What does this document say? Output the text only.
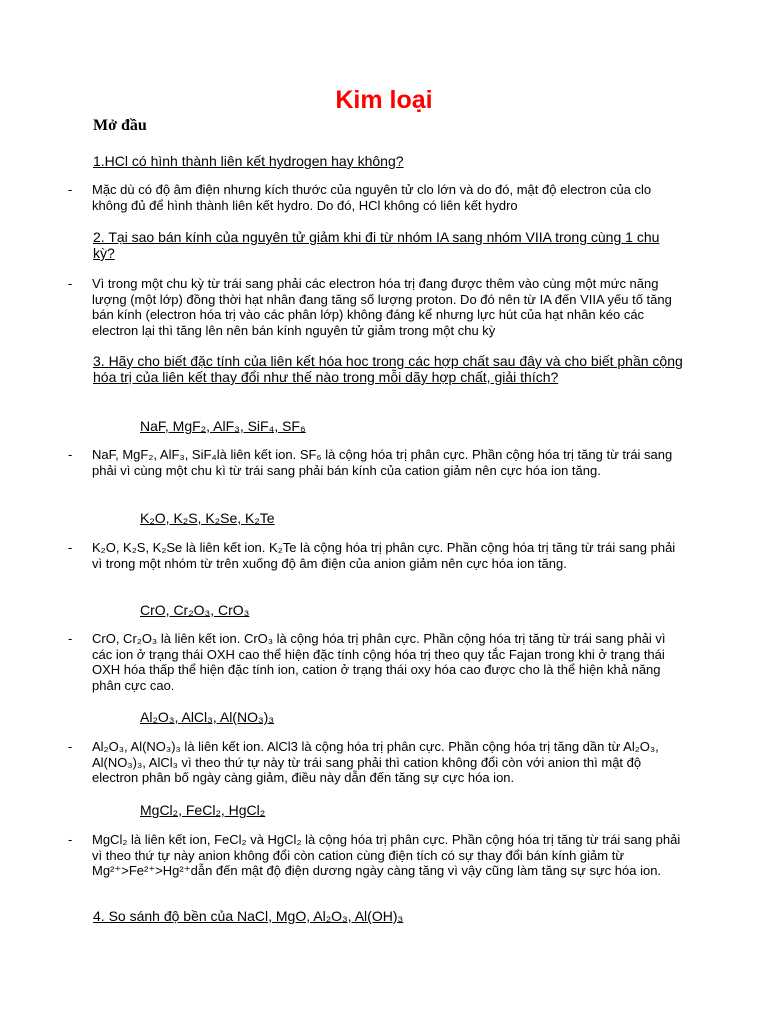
Kim loại
Mở đầu
1.HCl có hình thành liên kết hydrogen hay không?
- Mặc dù có độ âm điện nhưng kích thước của nguyên tử clo lớn và do đó, mật độ electron của clo không đủ để hình thành liên kết hydro. Do đó, HCl không có liên kết hydro
2. Tại sao bán kính của nguyên tử giảm khi đi từ nhóm IA sang nhóm VIIA trong cùng 1 chu kỳ?
- Vì trong một chu kỳ từ trái sang phải các electron hóa trị đang được thêm vào cùng một mức năng lượng (một lớp) đồng thời hạt nhân đang tăng số lượng proton. Do đó nên từ IA đến VIIA yếu tố tăng bán kính (electron hóa trị vào các phân lớp) không đáng kể nhưng lực hút của hạt nhân kéo các electron lại thì tăng lên nên bán kính nguyên tử giảm trong một chu kỳ
3. Hãy cho biết đặc tính của liên kết hóa hoc trong các hợp chất sau đây và cho biết phần cộng hóa trị của liên kết thay đổi như thế nào trong mỗi dãy hợp chất, giải thích?
NaF, MgF₂, AlF₃, SiF₄, SF₆
- NaF, MgF₂, AlF₃, SiF₄là liên kết ion. SF₆ là cộng hóa trị phân cực. Phần cộng hóa trị tăng từ trái sang phải vì cùng một chu kì từ trái sang phải bán kính của cation giảm nên cực hóa ion tăng.
K₂O, K₂S, K₂Se, K₂Te
- K₂O, K₂S, K₂Se là liên kết ion. K₂Te là cộng hóa trị phân cực. Phần cộng hóa trị tăng từ trái sang phải vì trong một nhóm từ trên xuống độ âm điện của anion giảm nên cực hóa ion tăng.
CrO, Cr₂O₃, CrO₃
- CrO, Cr₂O₃ là liên kết ion. CrO₃ là cộng hóa trị phân cực. Phần cộng hóa trị tăng từ trái sang phải vì các ion ở trạng thái OXH cao thể hiện đặc tính cộng hóa trị theo quy tắc Fajan trong khi ở trạng thái OXH hóa thấp thể hiện đặc tính ion, cation ở trạng thái oxy hóa cao được cho là thể hiện khả năng phân cực cao.
Al₂O₃, AlCl₃, Al(NO₃)₃
- Al₂O₃, Al(NO₃)₃ là liên kết ion. AlCl3 là cộng hóa trị phân cực. Phần cộng hóa trị tăng dần từ Al₂O₃, Al(NO₃)₃, AlCl₃ vì theo thứ tự này từ trái sang phải thì cation không đổi còn với anion thì mật độ electron phân bố ngày càng giảm, điều này dẫn đến tăng sự cực hóa ion.
MgCl₂, FeCl₂, HgCl₂
- MgCl₂ là liên kết ion, FeCl₂ và HgCl₂ là cộng hóa trị phân cực. Phần cộng hóa trị tăng từ trái sang phải vì theo thứ tự này anion không đổi còn cation cùng điện tích có sự thay đổi bán kính giảm từ Mg²⁺>Fe²⁺>Hg²⁺dẫn đến mật độ điện dương ngày càng tăng vì vậy cũng làm tăng sự sực hóa ion.
4. So sánh độ bền của NaCl, MgO, Al₂O₃, Al(OH)₃
